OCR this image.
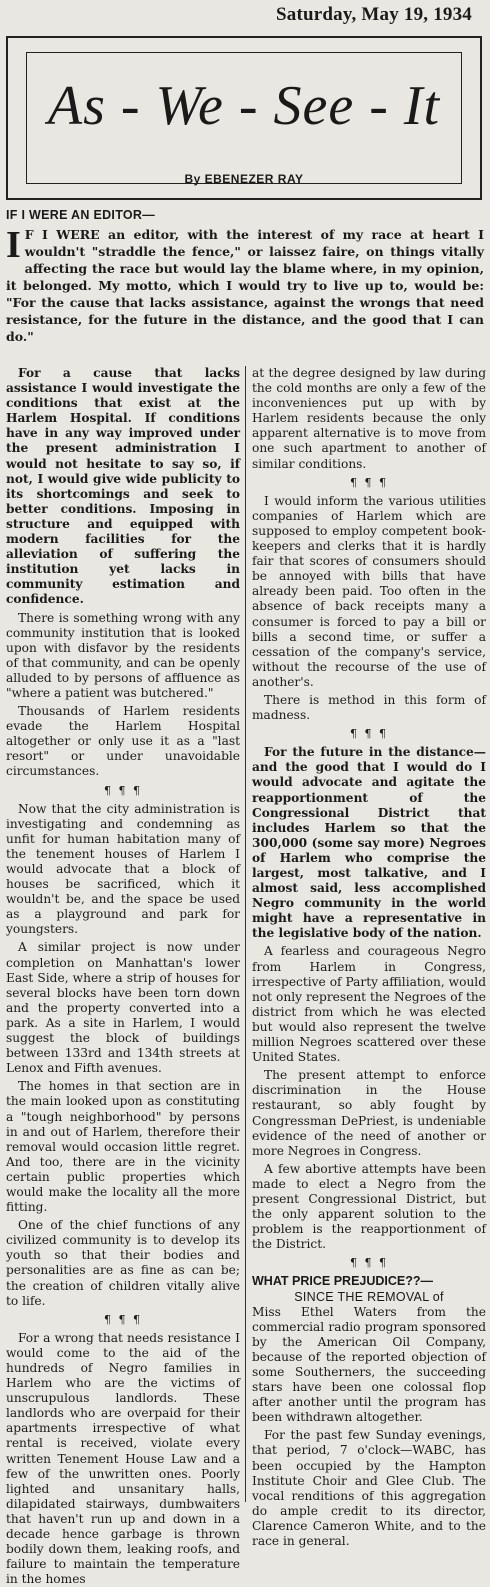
Saturday, May 19, 1934
As - We - See - It
By EBENEZER RAY
IF I WERE AN EDITOR—
I F I WERE an editor, with the interest of my race at heart I wouldn't "straddle the fence," or laissez faire, on things vitally affecting the race but would lay the blame where, in my opinion, it belonged. My motto, which I would try to live up to, would be: "For the cause that lacks assistance, against the wrongs that need resistance, for the future in the distance, and the good that I can do."

For a cause that lacks assistance I would investigate the conditions that exist at the Harlem Hospital. If conditions have in any way improved under the present administration I would not hesitate to say so, if not, I would give wide publicity to its shortcomings and seek to better conditions. Imposing in structure and equipped with modern facilities for the alleviation of suffering the institution yet lacks in community estimation and confidence.

There is something wrong with any community institution that is looked upon with disfavor by the residents of that community, and can be openly alluded to by persons of affluence as "where a patient was butchered."

Thousands of Harlem residents evade the Harlem Hospital altogether or only use it as a "last resort" or under unavoidable circumstances.

¶ ¶ ¶

Now that the city administration is investigating and condemning as unfit for human habitation many of the tenement houses of Harlem I would advocate that a block of houses be sacrificed, which it wouldn't be, and the space be used as a playground and park for youngsters.

A similar project is now under completion on Manhattan's lower East Side, where a strip of houses for several blocks have been torn down and the property converted into a park. As a site in Harlem, I would suggest the block of buildings between 133rd and 134th streets at Lenox and Fifth avenues.

The homes in that section are in the main looked upon as constituting a "tough neighborhood" by persons in and out of Harlem, therefore their removal would occasion little regret. And too, there are in the vicinity certain public properties which would make the locality all the more fitting.

One of the chief functions of any civilized community is to develop its youth so that their bodies and personalities are as fine as can be; the creation of children vitally alive to life.

¶ ¶ ¶

For a wrong that needs resistance I would come to the aid of the hundreds of Negro families in Harlem who are the victims of unscrupulous landlords. These landlords who are overpaid for their apartments irrespective of what rental is received, violate every written Tenement House Law and a few of the unwritten ones. Poorly lighted and unsanitary halls, dilapidated stairways, dumbwaiters that haven't run up and down in a decade hence garbage is thrown bodily down them, leaking roofs, and failure to maintain the temperature in the homes

at the degree designed by law during the cold months are only a few of the inconveniences put up with by Harlem residents because the only apparent alternative is to move from one such apartment to another of similar conditions.

¶ ¶ ¶

I would inform the various utilities companies of Harlem which are supposed to employ competent book-keepers and clerks that it is hardly fair that scores of consumers should be annoyed with bills that have already been paid. Too often in the absence of back receipts many a consumer is forced to pay a bill or bills a second time, or suffer a cessation of the company's service, without the recourse of the use of another's.

There is method in this form of madness.

¶ ¶ ¶

For the future in the distance—and the good that I would do I would advocate and agitate the reapportionment of the Congressional District that includes Harlem so that the 300,000 (some say more) Negroes of Harlem who comprise the largest, most talkative, and I almost said, less accomplished Negro community in the world might have a representative in the legislative body of the nation.

A fearless and courageous Negro from Harlem in Congress, irrespective of Party affiliation, would not only represent the Negroes of the district from which he was elected but would also represent the twelve million Negroes scattered over these United States.

The present attempt to enforce discrimination in the House restaurant, so ably fought by Congressman DePriest, is undeniable evidence of the need of another or more Negroes in Congress.

A few abortive attempts have been made to elect a Negro from the present Congressional District, but the only apparent solution to the problem is the reapportionment of the District.

¶ ¶ ¶
WHAT PRICE PREJUDICE??—
SINCE THE REMOVAL of

Miss Ethel Waters from the commercial radio program sponsored by the American Oil Company, because of the reported objection of some Southerners, the succeeding stars have been one colossal flop after another until the program has been withdrawn altogether.

For the past few Sunday evenings, that period, 7 o'clock—WABC, has been occupied by the Hampton Institute Choir and Glee Club. The vocal renditions of this aggregation do ample credit to its director, Clarence Cameron White, and to the race in general.
